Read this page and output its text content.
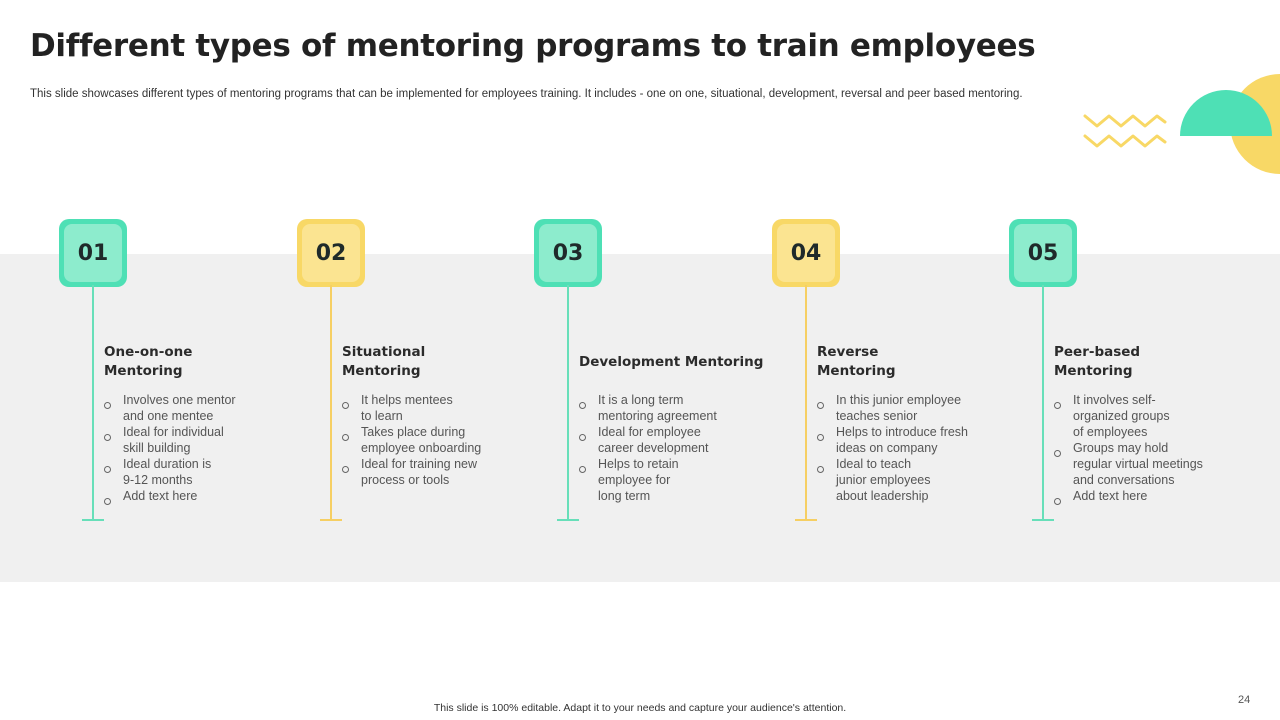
Different types of mentoring programs to train employees
This slide showcases different types of mentoring programs that can be implemented for employees training. It includes - one on one, situational, development, reversal and peer based mentoring.
01
One-on-one
Mentoring
Involves one mentor
and one mentee
Ideal for individual
skill building
Ideal duration is
9-12 months
Add text here
02
Situational
Mentoring
It helps mentees
to learn
Takes place during
employee onboarding
Ideal for training new
process or tools
03
Development Mentoring
It is a long term
mentoring agreement
Ideal for employee
career development
Helps to retain
employee for
long term
04
Reverse
Mentoring
In this junior employee
teaches senior
Helps to introduce fresh
ideas on company
Ideal to teach
junior employees
about leadership
05
Peer-based
Mentoring
It involves self-
organized groups
of employees
Groups may hold
regular virtual meetings
and conversations
Add text here
This slide is 100% editable. Adapt it to your needs and capture your audience's attention.
24
